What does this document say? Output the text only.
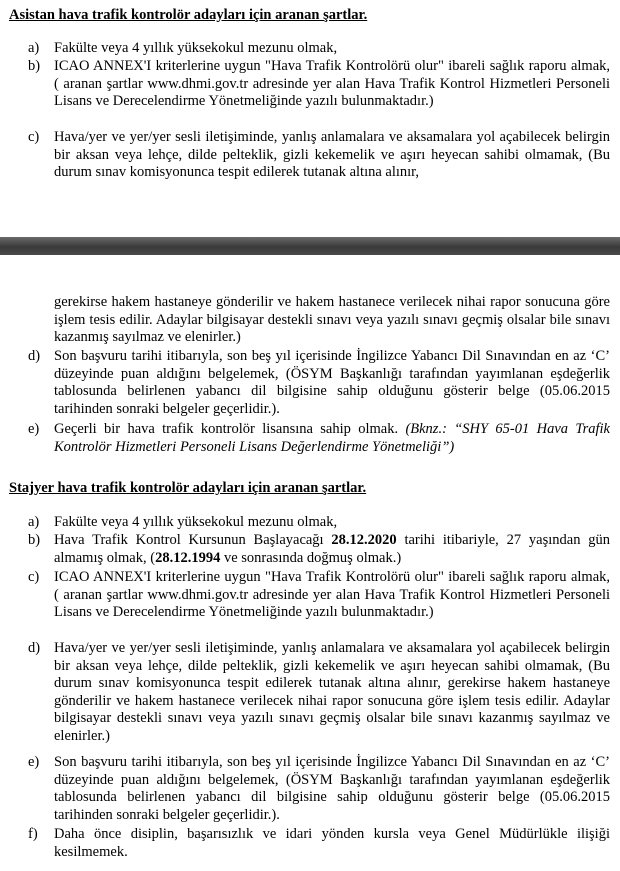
Asistan hava trafik kontrolör adayları için aranan şartlar.

a) Fakülte veya 4 yıllık yüksekokul mezunu olmak,

b) ICAO ANNEX'I kriterlerine uygun "Hava Trafik Kontrolörü olur" ibareli sağlık raporu almak, ( aranan şartlar www.dhmi.gov.tr adresinde yer alan Hava Trafik Kontrol Hizmetleri Personeli Lisans ve Derecelendirme Yönetmeliğinde yazılı bulunmaktadır.)

c) Hava/yer ve yer/yer sesli iletişiminde, yanlış anlamalara ve aksamalara yol açabilecek belirgin bir aksan veya lehçe, dilde pelteklik, gizli kekemelik ve aşırı heyecan sahibi olmamak, (Bu durum sınav komisyonunca tespit edilerek tutanak altına alınır,

gerekirse hakem hastaneye gönderilir ve hakem hastanece verilecek nihai rapor sonucuna göre işlem tesis edilir. Adaylar bilgisayar destekli sınavı veya yazılı sınavı geçmiş olsalar bile sınavı kazanmış sayılmaz ve elenirler.)

d) Son başvuru tarihi itibarıyla, son beş yıl içerisinde İngilizce Yabancı Dil Sınavından en az ‘C’ düzeyinde puan aldığını belgelemek, (ÖSYM Başkanlığı tarafından yayımlanan eşdeğerlik tablosunda belirlenen yabancı dil bilgisine sahip olduğunu gösterir belge (05.06.2015 tarihinden sonraki belgeler geçerlidir.).

e) Geçerli bir hava trafik kontrolör lisansına sahip olmak. (Bknz.: “SHY 65-01 Hava Trafik Kontrolör Hizmetleri Personeli Lisans Değerlendirme Yönetmeliği”)

Stajyer hava trafik kontrolör adayları için aranan şartlar.

a) Fakülte veya 4 yıllık yüksekokul mezunu olmak,

b) Hava Trafik Kontrol Kursunun Başlayacağı 28.12.2020 tarihi itibariyle, 27 yaşından gün almamış olmak, (28.12.1994 ve sonrasında doğmuş olmak.)

c) ICAO ANNEX'I kriterlerine uygun "Hava Trafik Kontrolörü olur" ibareli sağlık raporu almak, ( aranan şartlar www.dhmi.gov.tr adresinde yer alan Hava Trafik Kontrol Hizmetleri Personeli Lisans ve Derecelendirme Yönetmeliğinde yazılı bulunmaktadır.)

d) Hava/yer ve yer/yer sesli iletişiminde, yanlış anlamalara ve aksamalara yol açabilecek belirgin bir aksan veya lehçe, dilde pelteklik, gizli kekemelik ve aşırı heyecan sahibi olmamak, (Bu durum sınav komisyonunca tespit edilerek tutanak altına alınır, gerekirse hakem hastaneye gönderilir ve hakem hastanece verilecek nihai rapor sonucuna göre işlem tesis edilir. Adaylar bilgisayar destekli sınavı veya yazılı sınavı geçmiş olsalar bile sınavı kazanmış sayılmaz ve elenirler.)

e) Son başvuru tarihi itibarıyla, son beş yıl içerisinde İngilizce Yabancı Dil Sınavından en az ‘C’ düzeyinde puan aldığını belgelemek, (ÖSYM Başkanlığı tarafından yayımlanan eşdeğerlik tablosunda belirlenen yabancı dil bilgisine sahip olduğunu gösterir belge (05.06.2015 tarihinden sonraki belgeler geçerlidir.).

f) Daha önce disiplin, başarısızlık ve idari yönden kursla veya Genel Müdürlükle ilişiği kesilmemek.
